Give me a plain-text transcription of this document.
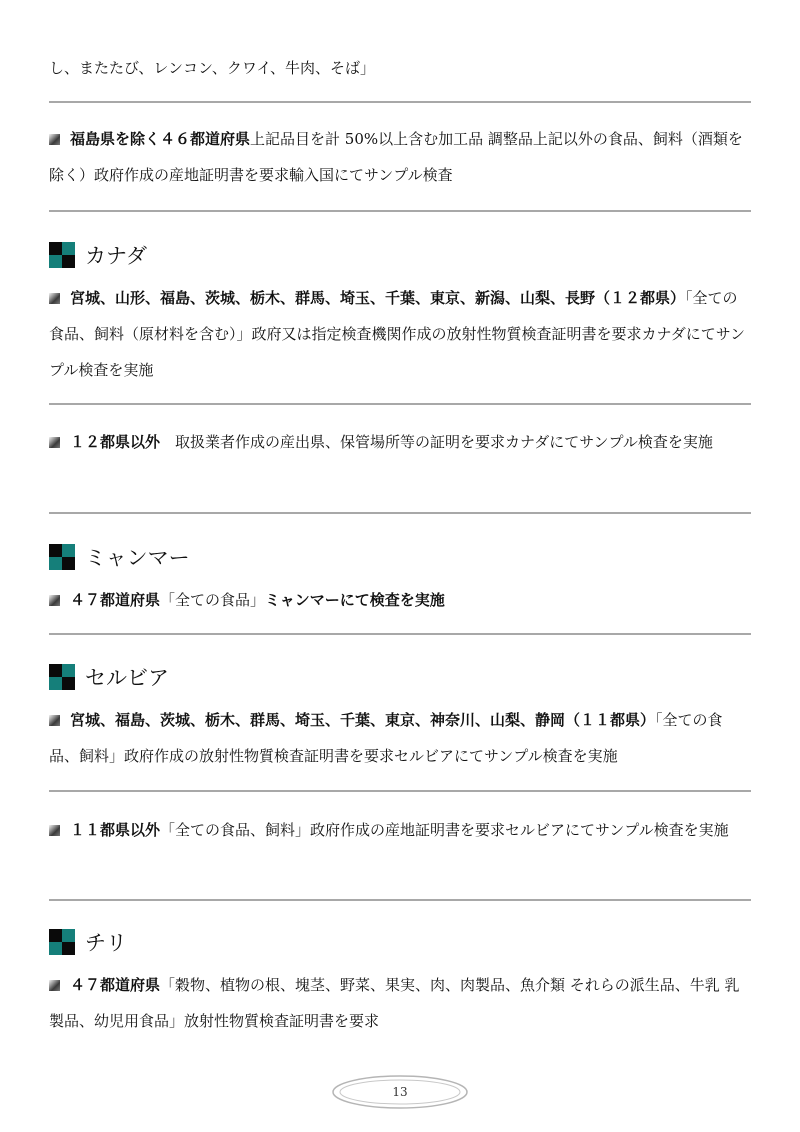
し、またたび、レンコン、クワイ、牛肉、そば」

福島県を除く４６都道府県上記品目を計 50%以上含む加工品 調整品上記以外の食品、飼料（酒類を除く）政府作成の産地証明書を要求輸入国にてサンプル検査

カナダ

宮城、山形、福島、茨城、栃木、群馬、埼玉、千葉、東京、新潟、山梨、長野（１２都県）「全ての食品、飼料（原材料を含む）」政府又は指定検査機関作成の放射性物質検査証明書を要求カナダにてサンプル検査を実施

１２都県以外　取扱業者作成の産出県、保管場所等の証明を要求カナダにてサンプル検査を実施

ミャンマー

４７都道府県「全ての食品」ミャンマーにて検査を実施

セルビア

宮城、福島、茨城、栃木、群馬、埼玉、千葉、東京、神奈川、山梨、静岡（１１都県）「全ての食品、飼料」政府作成の放射性物質検査証明書を要求セルビアにてサンプル検査を実施

１１都県以外「全ての食品、飼料」政府作成の産地証明書を要求セルビアにてサンプル検査を実施

チリ

４７都道府県「穀物、植物の根、塊茎、野菜、果実、肉、肉製品、魚介類 それらの派生品、牛乳 乳製品、幼児用食品」放射性物質検査証明書を要求

13
